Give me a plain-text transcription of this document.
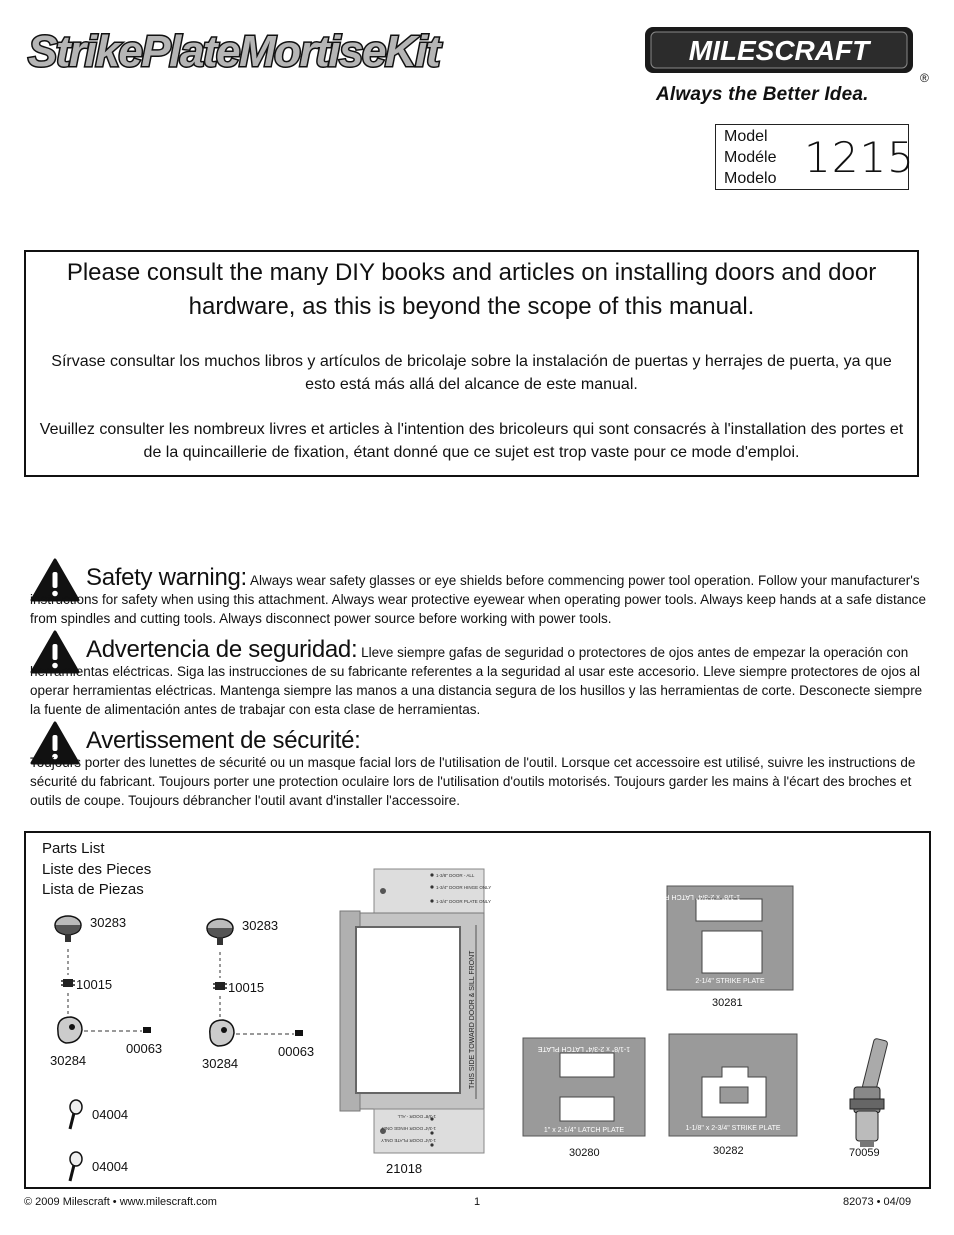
StrikePlateMortiseKit	MILESCRAFT
®
Always the Better Idea.
Model
Modéle
Modelo 1215
Please consult the many DIY books and articles on installing doors and door hardware, as this is beyond the scope of this manual.
Sírvase consultar los muchos libros y artículos de bricolaje sobre la instalación de puertas y herrajes de puerta, ya que esto está más allá del alcance de este manual.
Veuillez consulter les nombreux livres et articles à l'intention des bricoleurs qui sont consacrés à l'installation des portes et de la quincaillerie de fixation, étant donné que ce sujet est trop vaste pour ce mode d'emploi.
Safety warning: Always wear safety glasses or eye shields before commencing power tool operation. Follow your manufacturer's instructions for safety when using this attachment. Always wear protective eyewear when operating power tools. Always keep hands at a safe distance from spindles and cutting tools. Always disconnect power source before working with power tools.
Advertencia de seguridad: Lleve siempre gafas de seguridad o protectores de ojos antes de empezar la operación con herramientas eléctricas. Siga las instrucciones de su fabricante referentes a la seguridad al usar este accesorio. Lleve siempre protectores de ojos al operar herramientas eléctricas. Mantenga siempre las manos a una distancia segura de los husillos y las herramientas de corte. Desconecte siempre la fuente de alimentación antes de trabajar con esta clase de herramientas.
Avertissement de sécurité:
Toujours porter des lunettes de sécurité ou un masque facial lors de l'utilisation de l'outil. Lorsque cet accessoire est utilisé, suivre les instructions de sécurité du fabricant. Toujours porter une protection oculaire lors de l'utilisation d'outils motorisés. Toujours garder les mains à l'écart des broches et outils de coupe. Toujours débrancher l'outil avant d'installer l'accessoire.
Parts List
Liste des Pieces
Lista de Piezas
30283
10015
00063
30284
30283
10015
00063
30284
04004
04004
1-3/8" DOOR - ALL
1-3/4" DOOR HINGE ONLY
1-3/4" DOOR PLATE ONLY
THIS SIDE TOWARD DOOR & SILL FRONT
1-3/8" DOOR - ALL
1-3/4" DOOR HINGE ONLY
1-3/4" DOOR PLATE ONLY
21018
1-1/8" x 2-3/4" LATCH PLATE
2-1/4" STRIKE PLATE
30281
1-1/8" x 2-3/4" LATCH PLATE
1" x 2-1/4" LATCH PLATE
30280
1-1/8" x 2-3/4" STRIKE PLATE
30282	70059
© 2009 Milescraft • www.milescraft.com	1	82073 • 04/09
